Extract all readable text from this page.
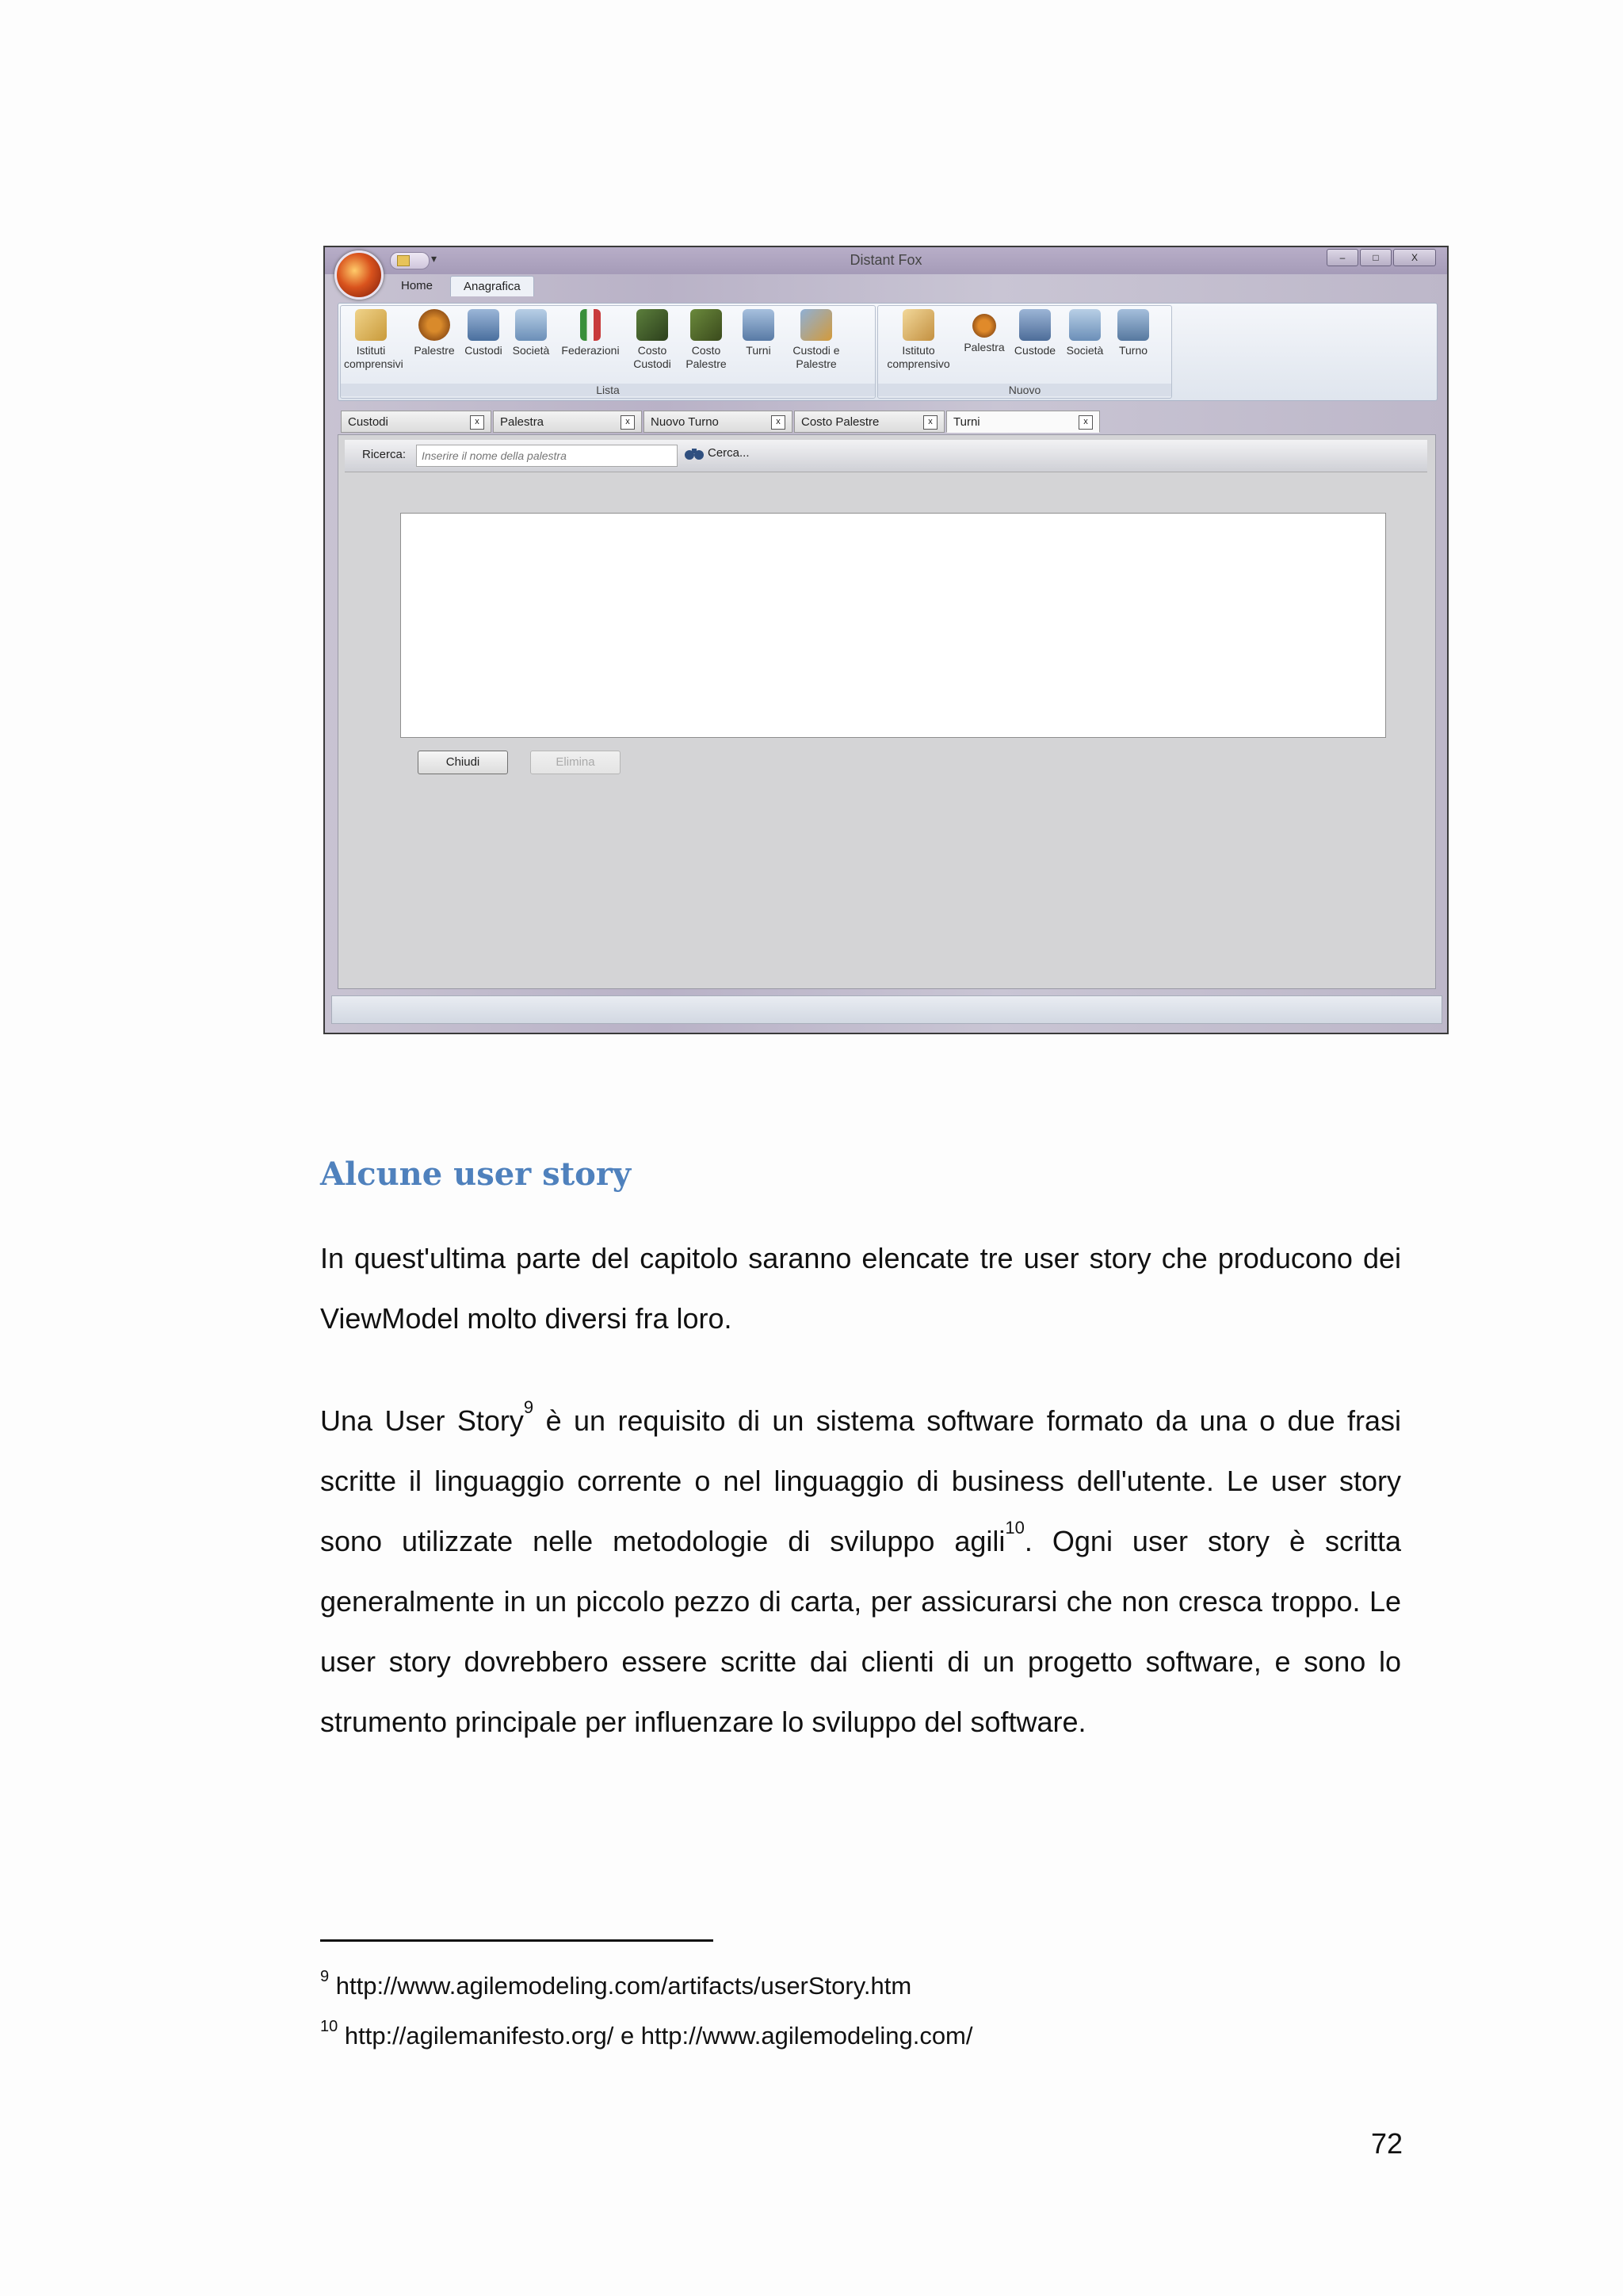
Distant Fox
▾	–	□	X
Home	Anagrafica
Istituti
comprensivi
Palestre Custodi Società	Federazioni	Costo
Custodi
Costo
Palestre
Turni	Custodi e
Palestre
Lista
Istituto
comprensivo
Palestra Custode Società	Turno
Nuovo
Custodi	x	Palestra	x	Nuovo Turno	x	Costo Palestre	x	Turni	x
Ricerca:
Inserire il nome della palestra	Cerca...
Chiudi	Elimina
Alcune user story

In quest'ultima parte del capitolo saranno elencate tre user story che producono dei ViewModel molto diversi fra loro.

Una User Story$^9$ è un requisito di un sistema software formato da una o due frasi scritte il linguaggio corrente o nel linguaggio di business dell'utente. Le user story sono utilizzate nelle metodologie di sviluppo agili$^{10}$. Ogni user story è scritta generalmente in un piccolo pezzo di carta, per assicurarsi che non cresca troppo. Le user story dovrebbero essere scritte dai clienti di un progetto software, e sono lo strumento principale per influenzare lo sviluppo del software.

$^9$ http://www.agilemodeling.com/artifacts/userStory.htm
$^{10}$ http://agilemanifesto.org/ e http://www.agilemodeling.com/
72
